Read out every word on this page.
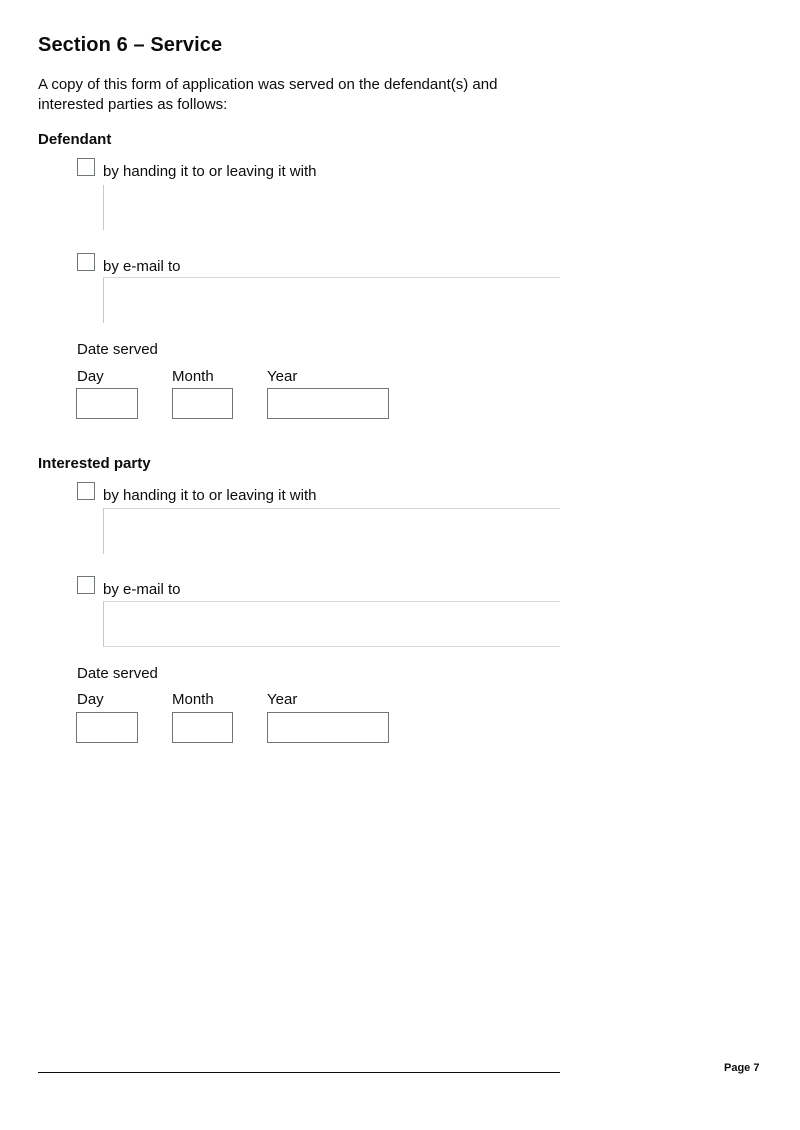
Section 6 – Service
A copy of this form of application was served on the defendant(s) and interested parties as follows:
Defendant
by handing it to or leaving it with
by e-mail to
Date served
Day	Month	Year
Interested party
by handing it to or leaving it with
by e-mail to
Date served
Day	Month	Year
Page 7
